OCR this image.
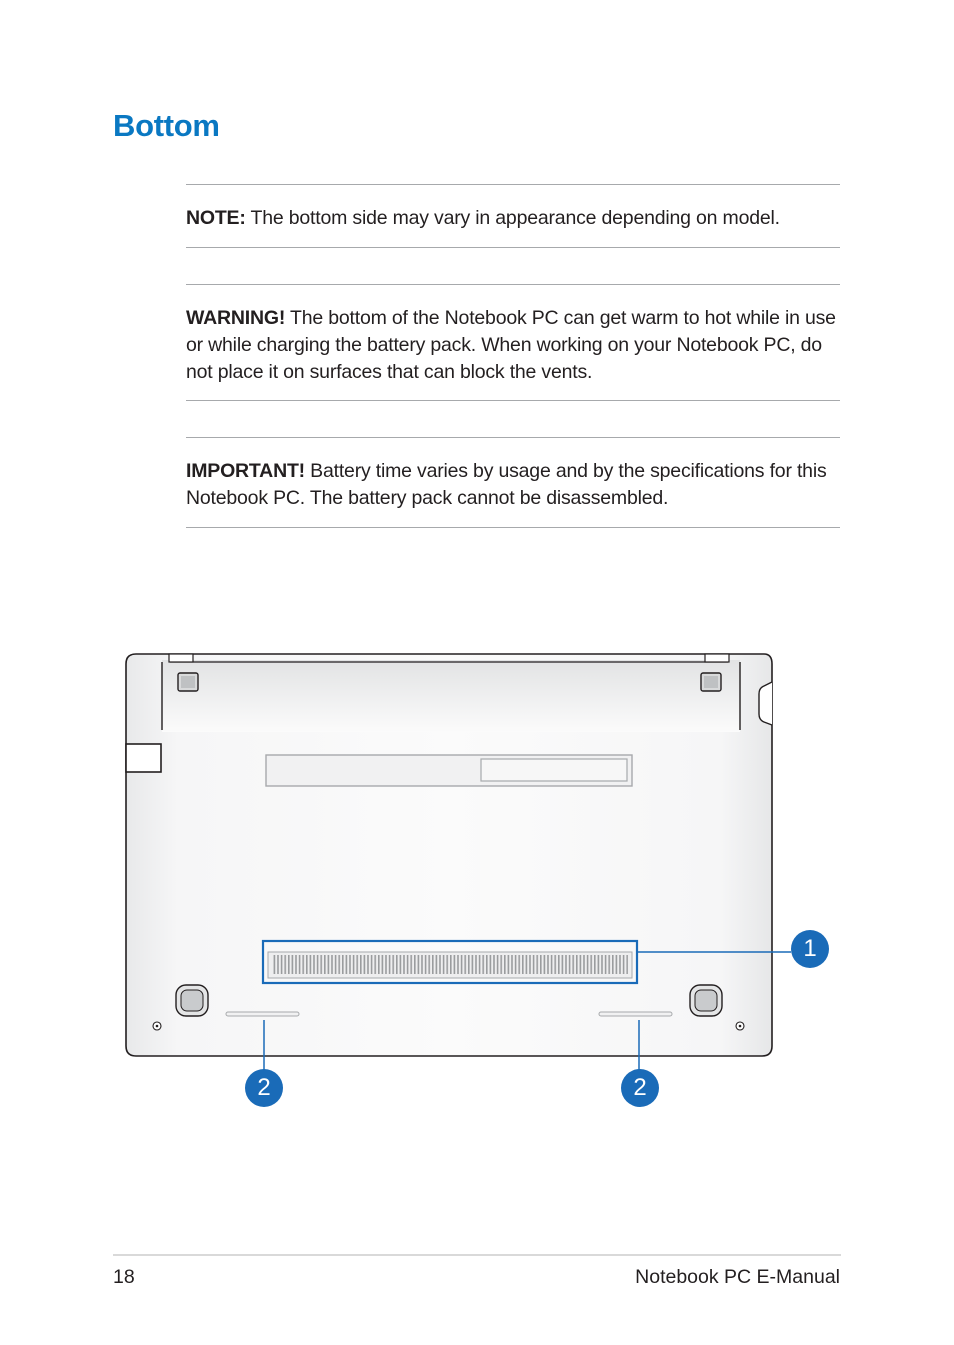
Bottom
NOTE: The bottom side may vary in appearance depending on model.
WARNING! The bottom of the Notebook PC can get warm to hot while in use or while charging the battery pack. When working on your Notebook PC, do not place it on surfaces that can block the vents.
IMPORTANT! Battery time varies by usage and by the specifications for this Notebook PC. The battery pack cannot be disassembled.
1
2	2
18	Notebook PC E-Manual
